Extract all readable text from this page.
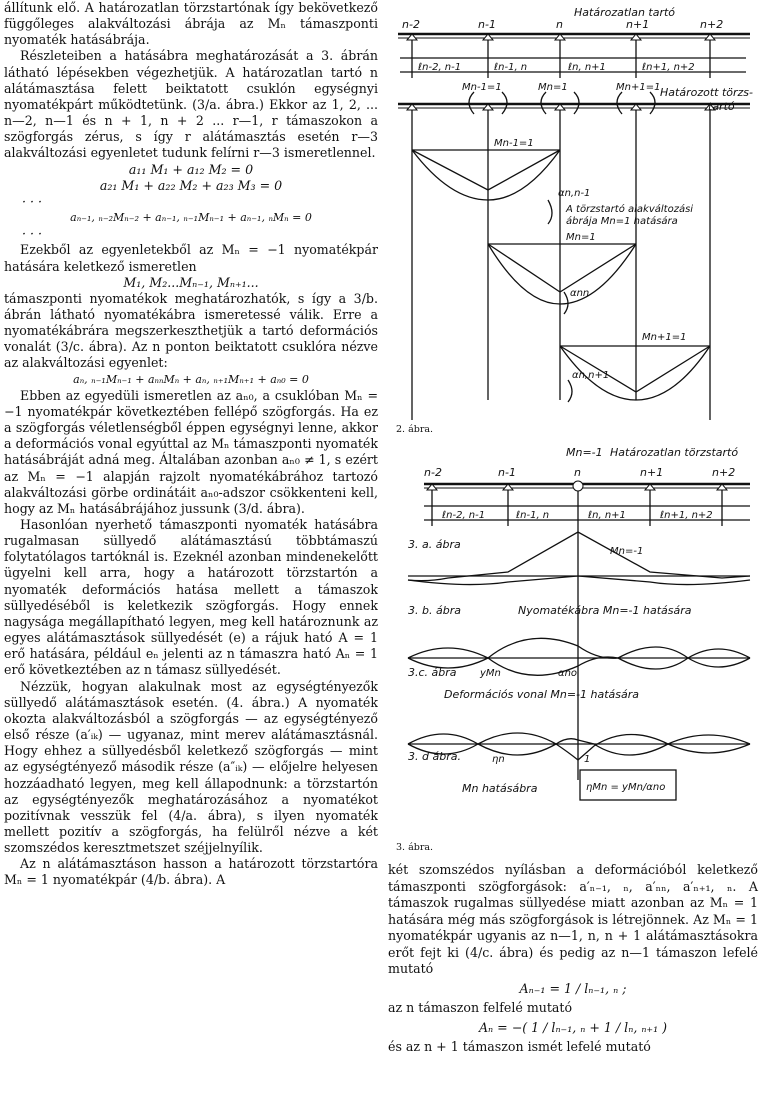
állítunk elő. A határozatlan törzstartónak így bekövetkező függőleges alakváltozási ábrája az Mₙ támaszponti nyomaték hatásábrája.

Részleteiben a hatásábra meghatározását a 3. ábrán látható lépésekben végezhetjük. A határozatlan tartó n alátámasztása felett beiktatott csuklón egységnyi nyomatékpárt működtetünk. (3/a. ábra.) Ekkor az 1, 2, ... n—2, n—1 és n + 1, n + 2 ... r—1, r támaszokon a szögforgás zérus, s így r alátámasztás esetén r—3 alakváltozási egyenletet tudunk felírni r—3 ismeretlennel.

a₁₁ M₁ + a₁₂ M₂ = 0

a₂₁ M₁ + a₂₂ M₂ + a₂₃ M₃ = 0

· · ·

aₙ₋₁, ₙ₋₂Mₙ₋₂ + aₙ₋₁, ₙ₋₁Mₙ₋₁ + aₙ₋₁, ₙMₙ = 0

· · ·

Ezekből az egyenletekből az Mₙ = −1 nyomatékpár hatására keletkező ismeretlen

M₁, M₂...Mₙ₋₁, Mₙ₊₁...

támaszponti nyomatékok meghatározhatók, s így a 3/b. ábrán látható nyomatékábra ismeretessé válik. Erre a nyomatékábrára megszerkeszthetjük a tartó deformációs vonalát (3/c. ábra). Az n ponton beiktatott csuklóra nézve az alakváltozási egyenlet:

aₙ, ₙ₋₁Mₙ₋₁ + aₙₙMₙ + aₙ, ₙ₊₁Mₙ₊₁ + aₙ₀ = 0

Ebben az egyedüli ismeretlen az aₙ₀, a csuklóban Mₙ = −1 nyomatékpár következtében fellépő szögforgás. Ha ez a szögforgás véletlenségből éppen egységnyi lenne, akkor a deformációs vonal egyúttal az Mₙ támaszponti nyomaték hatásábráját adná meg. Általában azonban aₙ₀ ≠ 1, s ezért az Mₙ = −1 alapján rajzolt nyomatékábrához tartozó alakváltozási görbe ordinátáit aₙ₀-adszor csökkenteni kell, hogy az Mₙ hatásábrájához jussunk (3/d. ábra).

Hasonlóan nyerhető támaszponti nyomaték hatásábra rugalmasan süllyedő alátámasztású többtámaszú folytatólagos tartóknál is. Ezeknél azonban mindenekelőtt ügyelni kell arra, hogy a határozott törzstartón a nyomaték deformációs hatása mellett a támaszok süllyedéséből is keletkezik szögforgás. Hogy ennek nagysága megállapítható legyen, meg kell határoznunk az egyes alátámasztások süllyedését (e) a rájuk ható A = 1 erő hatására, például eₙ jelenti az n támaszra ható Aₙ = 1 erő következtében az n támasz süllyedését.

Nézzük, hogyan alakulnak most az egységtényezők süllyedő alátámasztások esetén. (4. ábra.) A nyomaték okozta alakváltozásból a szögforgás — az egységtényező első része (a′ᵢₖ) — ugyanaz, mint merev alátámasztásnál. Hogy ehhez a süllyedésből keletkező szögforgás — mint az egységtényező második része (a″ᵢₖ) — előjelre helyesen hozzáadható legyen, meg kell állapodnunk: a törzstartón az egységtényezők meghatározásához a nyomatékot pozitívnak vesszük fel (4/a. ábra), s ilyen nyomaték mellett pozitív a szögforgás, ha felülről nézve a két szomszédos keresztmetszet széjjelnyílik.

Az n alátámasztáson hasson a határozott törzstartóra Mₙ = 1 nyomatékpár (4/b. ábra). A

Határozatlan tartó
n-2	n-1	n	n+1	n+2
ℓn-2, n-1	ℓn-1, n	ℓn, n+1	ℓn+1, n+2
Határozott törzs-
tartó
Mn-1=1	Mn=1	Mn+1=1
Mn-1=1
αn,n-1
A törzstartó alakváltozási
ábrája Mn=1 hatására
Mn=1
αnn
Mn+1=1
αn,n+1
2. ábra.
Mn=-1 Határozatlan törzstartó
n-2	n-1	n	n+1	n+2
ℓn-2, n-1	ℓn-1, n	ℓn, n+1	ℓn+1, n+2
3. a. ábra
Mn=-1
3. b. ábra	Nyomatékábra Mn=-1 hatására
3.c. ábra yMn	αno
Deformációs vonal Mn=-1 hatására
3. d ábra.	ηn	1
Mn hatásábra	ηMn = yMn/αno
3. ábra.

két szomszédos nyílásban a deformációból keletkező támaszponti szögforgások: a′ₙ₋₁, ₙ, a′ₙₙ, a′ₙ₊₁, ₙ. A támaszok rugalmas süllyedése miatt azonban az Mₙ = 1 hatására még más szögforgások is létrejönnek. Az Mₙ = 1 nyomatékpár ugyanis az n—1, n, n + 1 alátámasztásokra erőt fejt ki (4/c. ábra) és pedig az n—1 támaszon lefelé mutató

Aₙ₋₁ = 1 / lₙ₋₁, ₙ ;

az n támaszon felfelé mutató

Aₙ = −( 1 / lₙ₋₁, ₙ + 1 / lₙ, ₙ₊₁ )

és az n + 1 támaszon ismét lefelé mutató
